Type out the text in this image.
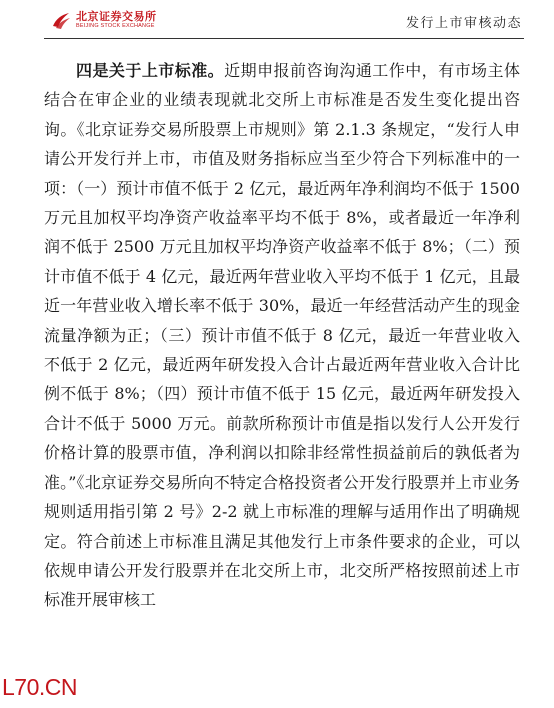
北京证券交易所
BEIJING STOCK EXCHANGE	发行上市审核动态
四是关于上市标准。近期申报前咨询沟通工作中，有市场主体结合在审企业的业绩表现就北交所上市标准是否发生变化提出咨询。《北京证券交易所股票上市规则》第 2.1.3 条规定，“发行人申请公开发行并上市，市值及财务指标应当至少符合下列标准中的一项：（一）预计市值不低于 2 亿元，最近两年净利润均不低于 1500 万元且加权平均净资产收益率平均不低于 8%，或者最近一年净利润不低于 2500 万元且加权平均净资产收益率不低于 8%；（二）预计市值不低于 4 亿元，最近两年营业收入平均不低于 1 亿元，且最近一年营业收入增长率不低于 30%，最近一年经营活动产生的现金流量净额为正；（三）预计市值不低于 8 亿元，最近一年营业收入不低于 2 亿元，最近两年研发投入合计占最近两年营业收入合计比例不低于 8%；（四）预计市值不低于 15 亿元，最近两年研发投入合计不低于 5000 万元。前款所称预计市值是指以发行人公开发行价格计算的股票市值，净利润以扣除非经常性损益前后的孰低者为准。”《北京证券交易所向不特定合格投资者公开发行股票并上市业务规则适用指引第 2 号》2-2 就上市标准的理解与适用作出了明确规定。符合前述上市标准且满足其他发行上市条件要求的企业，可以依规申请公开发行股票并在北交所上市，北交所严格按照前述上市标准开展审核工
L70.CN
